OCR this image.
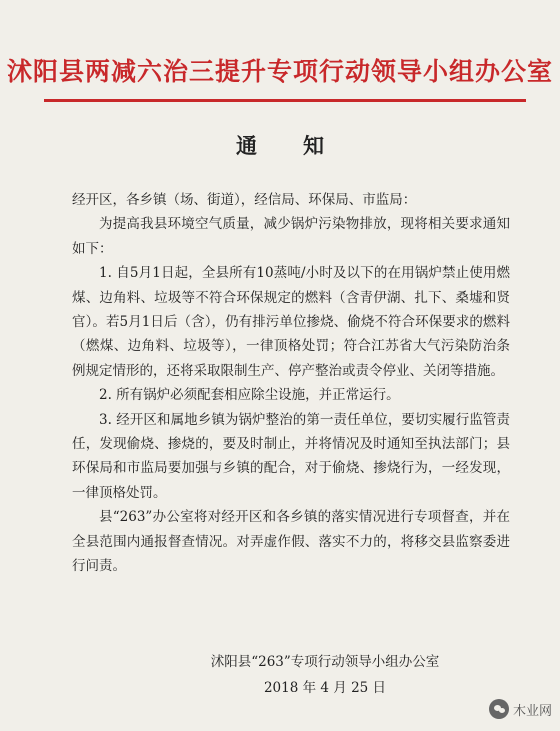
沭阳县两减六治三提升专项行动领导小组办公室
通 知

经开区，各乡镇（场、街道），经信局、环保局、市监局：

为提高我县环境空气质量，减少锅炉污染物排放，现将相关要求通知如下：

1. 自5月1日起，全县所有10蒸吨/小时及以下的在用锅炉禁止使用燃煤、边角料、垃圾等不符合环保规定的燃料（含青伊湖、扎下、桑墟和贤官）。若5月1日后（含），仍有排污单位掺烧、偷烧不符合环保要求的燃料（燃煤、边角料、垃圾等），一律顶格处罚；符合江苏省大气污染防治条例规定情形的，还将采取限制生产、停产整治或责令停业、关闭等措施。

2. 所有锅炉必须配套相应除尘设施，并正常运行。

3. 经开区和属地乡镇为锅炉整治的第一责任单位，要切实履行监管责任，发现偷烧、掺烧的，要及时制止，并将情况及时通知至执法部门；县环保局和市监局要加强与乡镇的配合，对于偷烧、掺烧行为，一经发现，一律顶格处罚。

县“263”办公室将对经开区和各乡镇的落实情况进行专项督查，并在全县范围内通报督查情况。对弄虚作假、落实不力的，将移交县监察委进行问责。

沭阳县“263”专项行动领导小组办公室
2018 年 4 月 25 日
木业网
